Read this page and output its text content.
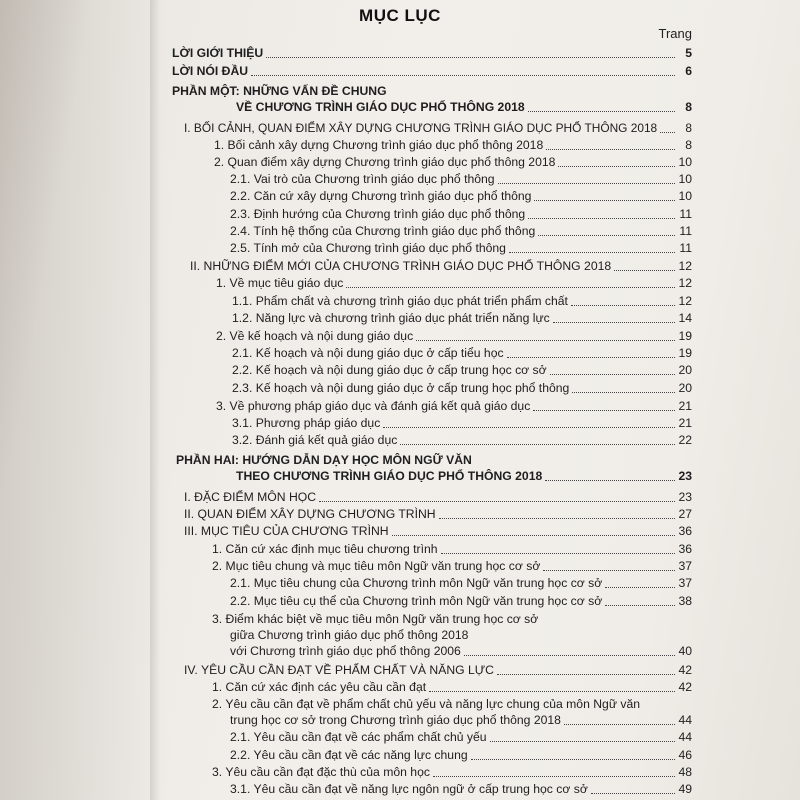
MỤC LỤC
Trang
LỜI GIỚI THIỆU	5
LỜI NÓI ĐẦU	6
PHẦN MỘT: NHỮNG VẤN ĐỀ CHUNG
VỀ CHƯƠNG TRÌNH GIÁO DỤC PHỔ THÔNG 2018	8
I. BỐI CẢNH, QUAN ĐIỂM XÂY DỰNG CHƯƠNG TRÌNH GIÁO DỤC PHỔ THÔNG 2018	8
1. Bối cảnh xây dựng Chương trình giáo dục phổ thông 2018	8
2. Quan điểm xây dựng Chương trình giáo dục phổ thông 2018	10
2.1. Vai trò của Chương trình giáo dục phổ thông	10
2.2. Căn cứ xây dựng Chương trình giáo dục phổ thông	10
2.3. Định hướng của Chương trình giáo dục phổ thông	11
2.4. Tính hệ thống của Chương trình giáo dục phổ thông	11
2.5. Tính mở của Chương trình giáo dục phổ thông	11
II. NHỮNG ĐIỂM MỚI CỦA CHƯƠNG TRÌNH GIÁO DỤC PHỔ THÔNG 2018	12
1. Về mục tiêu giáo dục	12
1.1. Phẩm chất và chương trình giáo dục phát triển phẩm chất	12
1.2. Năng lực và chương trình giáo dục phát triển năng lực	14
2. Về kế hoạch và nội dung giáo dục	19
2.1. Kế hoạch và nội dung giáo dục ở cấp tiểu học	19
2.2. Kế hoạch và nội dung giáo dục ở cấp trung học cơ sở	20
2.3. Kế hoạch và nội dung giáo dục ở cấp trung học phổ thông	20
3. Về phương pháp giáo dục và đánh giá kết quả giáo dục	21
3.1. Phương pháp giáo dục	21
3.2. Đánh giá kết quả giáo dục	22
PHẦN HAI: HƯỚNG DẪN DẠY HỌC MÔN NGỮ VĂN
THEO CHƯƠNG TRÌNH GIÁO DỤC PHỔ THÔNG 2018	23
I. ĐẶC ĐIỂM MÔN HỌC	23
II. QUAN ĐIỂM XÂY DỰNG CHƯƠNG TRÌNH	27
III. MỤC TIÊU CỦA CHƯƠNG TRÌNH	36
1. Căn cứ xác định mục tiêu chương trình	36
2. Mục tiêu chung và mục tiêu môn Ngữ văn trung học cơ sở	37
2.1. Mục tiêu chung của Chương trình môn Ngữ văn trung học cơ sở	37
2.2. Mục tiêu cụ thể của Chương trình môn Ngữ văn trung học cơ sở	38
3. Điểm khác biệt về mục tiêu môn Ngữ văn trung học cơ sở
giữa Chương trình giáo dục phổ thông 2018
với Chương trình giáo dục phổ thông 2006	40
IV. YÊU CẦU CẦN ĐẠT VỀ PHẨM CHẤT VÀ NĂNG LỰC	42
1. Căn cứ xác định các yêu cầu cần đạt	42
2. Yêu cầu cần đạt về phẩm chất chủ yếu và năng lực chung của môn Ngữ văn
trung học cơ sở trong Chương trình giáo dục phổ thông 2018	44
2.1. Yêu cầu cần đạt về các phẩm chất chủ yếu	44
2.2. Yêu cầu cần đạt về các năng lực chung	46
3. Yêu cầu cần đạt đặc thù của môn học	48
3.1. Yêu cầu cần đạt về năng lực ngôn ngữ ở cấp trung học cơ sở	49
